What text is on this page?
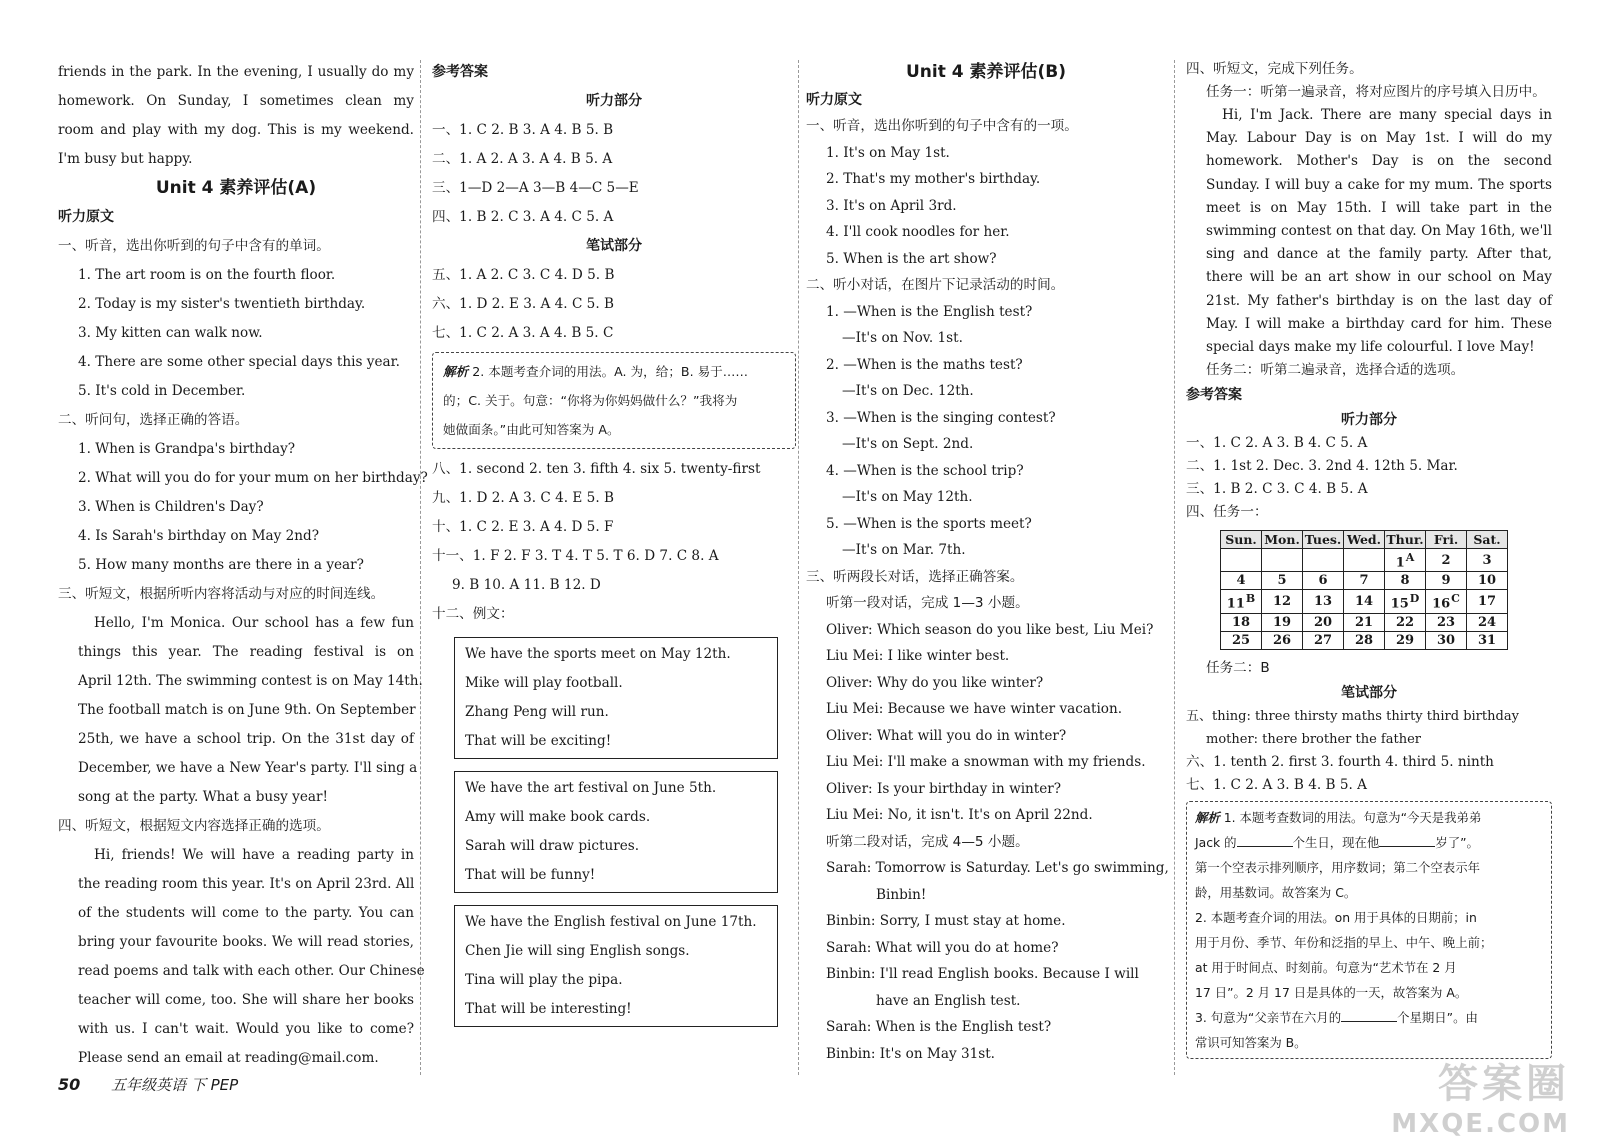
friends in the park. In the evening, I usually do my
homework. On Sunday, I sometimes clean my
room and play with my dog. This is my weekend.
I'm busy but happy.
Unit 4 素养评估(A)
听力原文
一、听音，选出你听到的句子中含有的单词。
1. The art room is on the fourth floor.
2. Today is my sister's twentieth birthday.
3. My kitten can walk now.
4. There are some other special days this year.
5. It's cold in December.
二、听问句，选择正确的答语。
1. When is Grandpa's birthday?
2. What will you do for your mum on her birthday?
3. When is Children's Day?
4. Is Sarah's birthday on May 2nd?
5. How many months are there in a year?
三、听短文，根据所听内容将活动与对应的时间连线。
Hello, I'm Monica. Our school has a few fun
things this year. The reading festival is on
April 12th. The swimming contest is on May 14th.
The football match is on June 9th. On September
25th, we have a school trip. On the 31st day of
December, we have a New Year's party. I'll sing a
song at the party. What a busy year!
四、听短文，根据短文内容选择正确的选项。
Hi, friends! We will have a reading party in
the reading room this year. It's on April 23rd. All
of the students will come to the party. You can
bring your favourite books. We will read stories,
read poems and talk with each other. Our Chinese
teacher will come, too. She will share her books
with us. I can't wait. Would you like to come?
Please send an email at reading@mail.com.
参考答案
听力部分
一、1. C 2. B 3. A 4. B 5. B
二、1. A 2. A 3. A 4. B 5. A
三、1—D 2—A 3—B 4—C 5—E
四、1. B 2. C 3. A 4. C 5. A
笔试部分
五、1. A 2. C 3. C 4. D 5. B
六、1. D 2. E 3. A 4. C 5. B
七、1. C 2. A 3. A 4. B 5. C
解析 2. 本题考查介词的用法。A. 为，给；B. 易于……
的；C. 关于。句意：“你将为你妈妈做什么？”我将为
她做面条。”由此可知答案为 A。
八、1. second 2. ten 3. fifth 4. six 5. twenty-first
九、1. D 2. A 3. C 4. E 5. B
十、1. C 2. E 3. A 4. D 5. F
十一、1. F 2. F 3. T 4. T 5. T 6. D 7. C 8. A
9. B 10. A 11. B 12. D
十二、例文：
We have the sports meet on May 12th.
Mike will play football.
Zhang Peng will run.
That will be exciting!
We have the art festival on June 5th.
Amy will make book cards.
Sarah will draw pictures.
That will be funny!
We have the English festival on June 17th.
Chen Jie will sing English songs.
Tina will play the pipa.
That will be interesting!
Unit 4 素养评估(B)
听力原文
一、听音，选出你听到的句子中含有的一项。
1. It's on May 1st.
2. That's my mother's birthday.
3. It's on April 3rd.
4. I'll cook noodles for her.
5. When is the art show?
二、听小对话，在图片下记录活动的时间。
1. —When is the English test?
—It's on Nov. 1st.
2. —When is the maths test?
—It's on Dec. 12th.
3. —When is the singing contest?
—It's on Sept. 2nd.
4. —When is the school trip?
—It's on May 12th.
5. —When is the sports meet?
—It's on Mar. 7th.
三、听两段长对话，选择正确答案。
听第一段对话，完成 1—3 小题。
Oliver: Which season do you like best, Liu Mei?
Liu Mei: I like winter best.
Oliver: Why do you like winter?
Liu Mei: Because we have winter vacation.
Oliver: What will you do in winter?
Liu Mei: I'll make a snowman with my friends.
Oliver: Is your birthday in winter?
Liu Mei: No, it isn't. It's on April 22nd.
听第二段对话，完成 4—5 小题。
Sarah: Tomorrow is Saturday. Let's go swimming,
Binbin!
Binbin: Sorry, I must stay at home.
Sarah: What will you do at home?
Binbin: I'll read English books. Because I will
have an English test.
Sarah: When is the English test?
Binbin: It's on May 31st.
四、听短文，完成下列任务。
任务一：听第一遍录音，将对应图片的序号填入日历中。
Hi, I'm Jack. There are many special days in
May. Labour Day is on May 1st. I will do my
homework. Mother's Day is on the second
Sunday. I will buy a cake for my mum. The sports
meet is on May 15th. I will take part in the
swimming contest on that day. On May 16th, we'll
sing and dance at the family party. After that,
there will be an art show in our school on May
21st. My father's birthday is on the last day of
May. I will make a birthday card for him. These
special days make my life colourful. I love May!
任务二：听第二遍录音，选择合适的选项。
参考答案
听力部分
一、1. C 2. A 3. B 4. C 5. A
二、1. 1st 2. Dec. 3. 2nd 4. 12th 5. Mar.
三、1. B 2. C 3. C 4. B 5. A
四、任务一：
Sun.	Mon.	Tues.	Wed.	Thur.	Fri.	Sat.
				$1^A$	2	3
4	5	6	7	8	9	10
$11^B$	12	13	14	$15^D$	$16^C$	17
18	19	20	21	22	23	24
25	26	27	28	29	30	31
任务二：B
笔试部分
五、thing: three thirsty maths thirty third birthday
mother: there brother the father
六、1. tenth 2. first 3. fourth 4. third 5. ninth
七、1. C 2. A 3. B 4. B 5. A
解析 1. 本题考查数词的用法。句意为“今天是我弟弟
Jack 的	个生日，现在他	岁了”。
第一个空表示排列顺序，用序数词；第二个空表示年
龄，用基数词。故答案为 C。
2. 本题考查介词的用法。on 用于具体的日期前；in
用于月份、季节、年份和泛指的早上、中午、晚上前；
at 用于时间点、时刻前。句意为“艺术节在 2 月
17 日”。2 月 17 日是具体的一天，故答案为 A。
3. 句意为“父亲节在六月的	个星期日”。由
常识可知答案为 B。
50 五年级英语 下 PEP	答案圈
MXQE.COM
